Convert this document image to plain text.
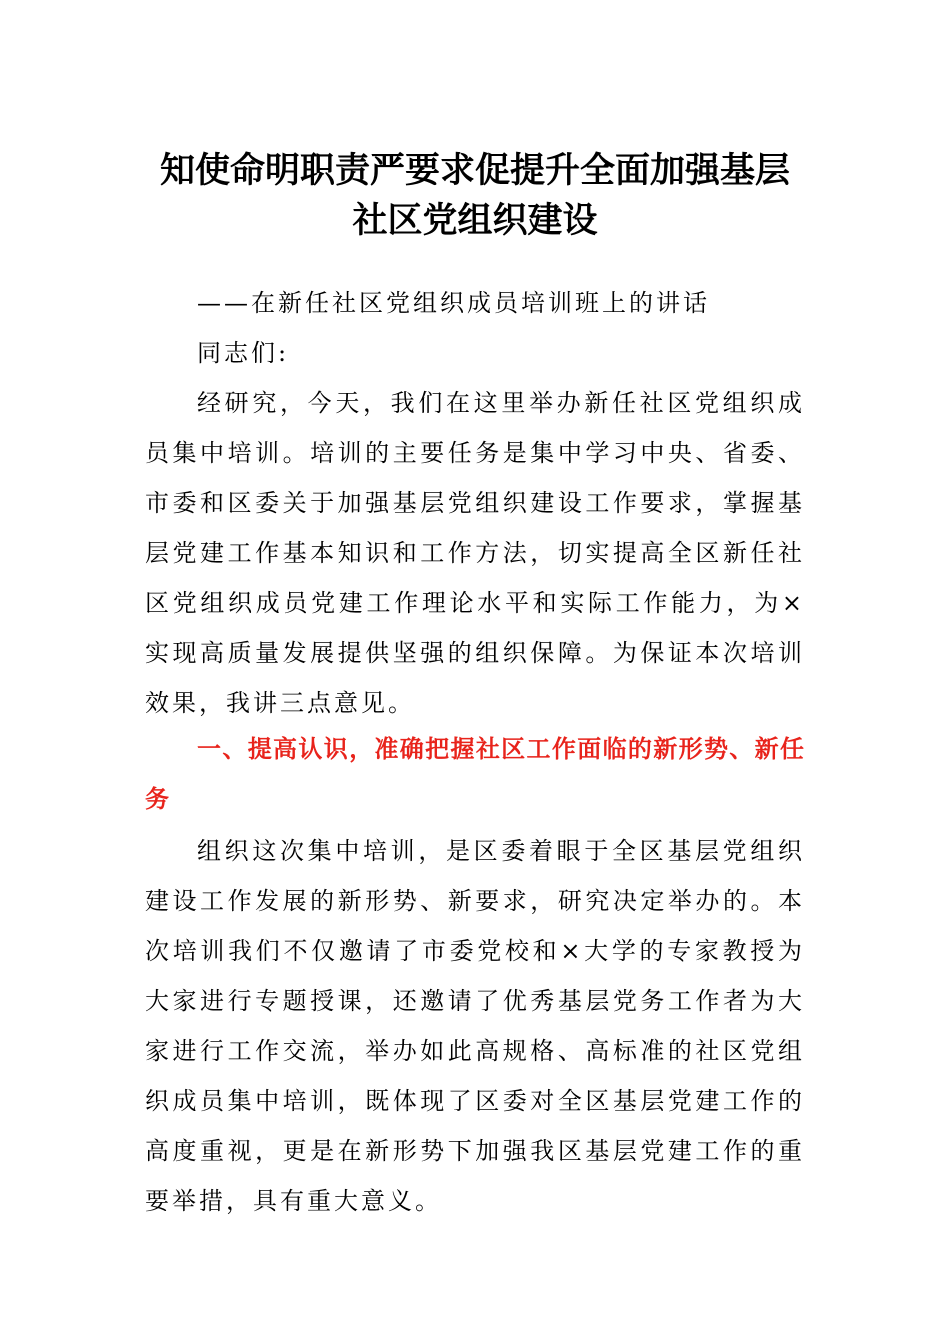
知使命明职责严要求促提升全面加强基层
社区党组织建设
——在新任社区党组织成员培训班上的讲话
同志们:
经研究，今天，我们在这里举办新任社区党组织成员集中培训。培训的主要任务是集中学习中央、省委、市委和区委关于加强基层党组织建设工作要求，掌握基层党建工作基本知识和工作方法，切实提高全区新任社区党组织成员党建工作理论水平和实际工作能力，为×实现高质量发展提供坚强的组织保障。为保证本次培训效果，我讲三点意见。
一、提高认识，准确把握社区工作面临的新形势、新任务
组织这次集中培训，是区委着眼于全区基层党组织建设工作发展的新形势、新要求，研究决定举办的。本次培训我们不仅邀请了市委党校和×大学的专家教授为大家进行专题授课，还邀请了优秀基层党务工作者为大家进行工作交流，举办如此高规格、高标准的社区党组织成员集中培训，既体现了区委对全区基层党建工作的高度重视，更是在新形势下加强我区基层党建工作的重要举措，具有重大意义。
